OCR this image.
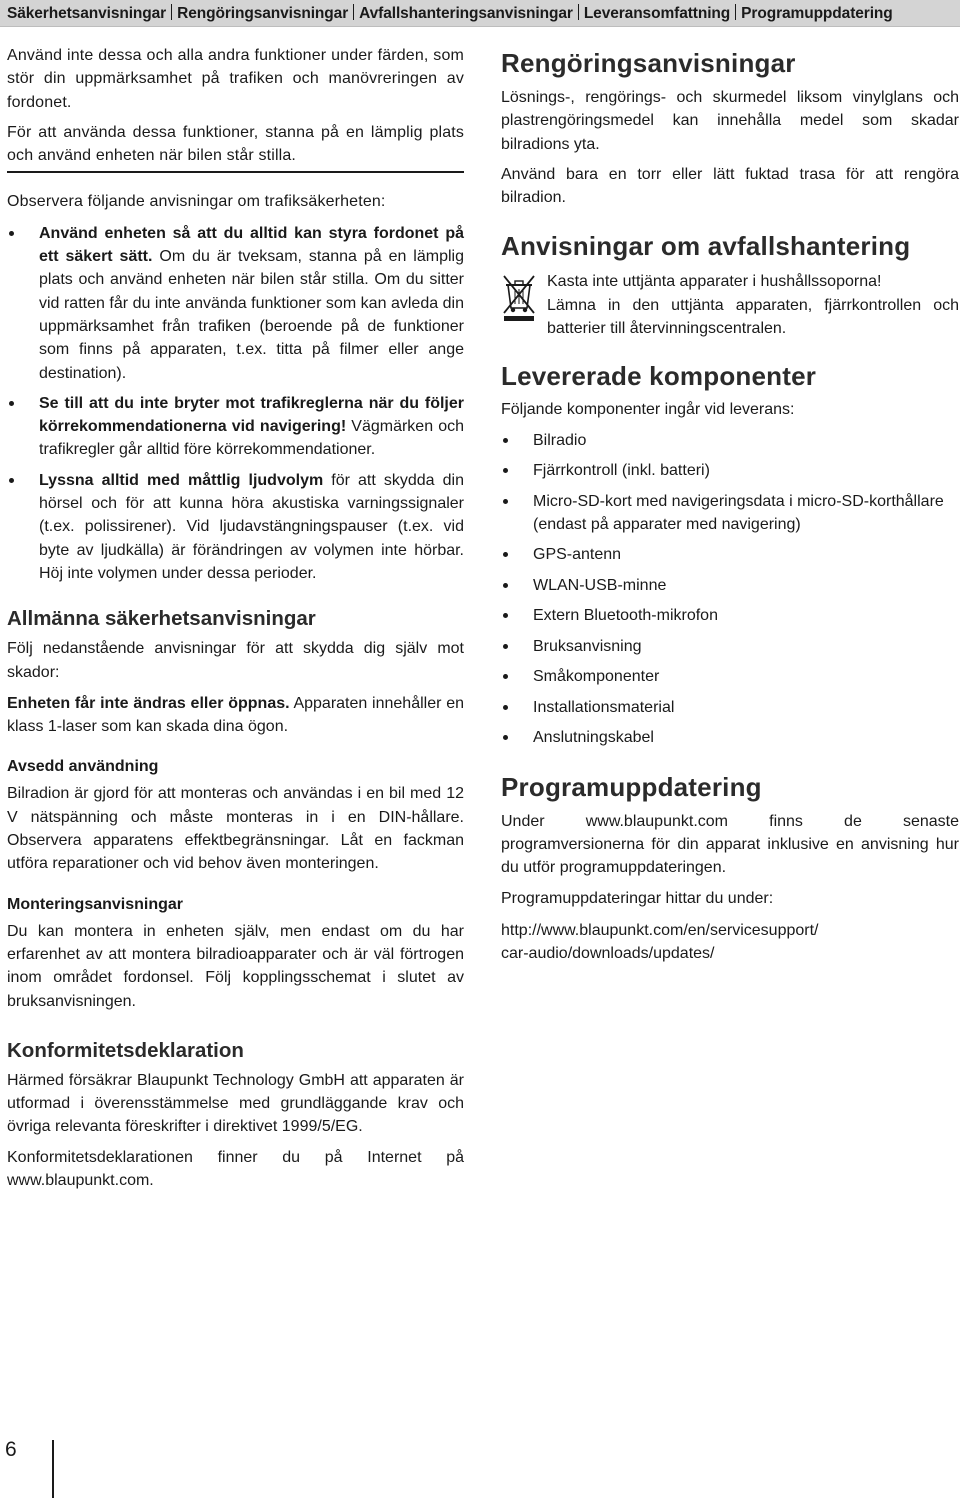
Säkerhetsanvisningar Rengöringsanvisningar Avfallshanteringsanvisningar Leveransomfattning Programuppdatering

Använd inte dessa och alla andra funktioner under färden, som stör din uppmärksamhet på trafiken och manövreringen av fordonet.

För att använda dessa funktioner, stanna på en lämplig plats och använd enheten när bilen står stilla.

Observera följande anvisningar om trafiksäkerheten:

Använd enheten så att du alltid kan styra fordonet på ett säkert sätt. Om du är tveksam, stanna på en lämplig plats och använd enheten när bilen står stilla. Om du sitter vid ratten får du inte använda funktioner som kan avleda din uppmärksamhet från trafiken (beroende på de funktioner som finns på apparaten, t.ex. titta på filmer eller ange destination).
Se till att du inte bryter mot trafikreglerna när du följer körrekommendationerna vid navigering! Vägmärken och trafikregler går alltid före körrekommendationer.
Lyssna alltid med måttlig ljudvolym för att skydda din hörsel och för att kunna höra akustiska varningssignaler (t.ex. polissirener). Vid ljudavstängningspauser (t.ex. vid byte av ljudkälla) är förändringen av volymen inte hörbar. Höj inte volymen under dessa perioder.
Allmänna säkerhetsanvisningar

Följ nedanstående anvisningar för att skydda dig själv mot skador:

Enheten får inte ändras eller öppnas. Apparaten innehåller en klass 1-laser som kan skada dina ögon.

Avsedd användning

Bilradion är gjord för att monteras och användas i en bil med 12 V nätspänning och måste monteras in i en DIN-hållare. Observera apparatens effektbegränsningar. Låt en fackman utföra reparationer och vid behov även monteringen.

Monteringsanvisningar

Du kan montera in enheten själv, men endast om du har erfarenhet av att montera bilradioapparater och är väl förtrogen inom området fordonsel. Följ kopplingsschemat i slutet av bruksanvisningen.

Konformitetsdeklaration

Härmed försäkrar Blaupunkt Technology GmbH att apparaten är utformad i överensstämmelse med grundläggande krav och övriga relevanta föreskrifter i direktivet 1999/5/EG.

Konformitetsdeklarationen finner du på Internet på www.blaupunkt.com.

Rengöringsanvisningar

Lösnings-, rengörings- och skurmedel liksom vinylglans och plastrengöringsmedel kan innehålla medel som skadar bilradions yta.

Använd bara en torr eller lätt fuktad trasa för att rengöra bilradion.

Anvisningar om avfallshantering

Kasta inte uttjänta apparater i hushållssoporna!

Lämna in den uttjänta apparaten, fjärrkontrollen och batterier till återvinningscentralen.

Levererade komponenter

Följande komponenter ingår vid leverans:

Bilradio
Fjärrkontroll (inkl. batteri)
Micro-SD-kort med navigeringsdata i micro-SD-korthållare (endast på apparater med navigering)
GPS-antenn
WLAN-USB-minne
Extern Bluetooth-mikrofon
Bruksanvisning
Småkomponenter
Installationsmaterial
Anslutningskabel
Programuppdatering

Under www.blaupunkt.com finns de senaste programversionerna för din apparat inklusive en anvisning hur du utför programuppdateringen.

Programuppdateringar hittar du under:

http://www.blaupunkt.com/en/servicesupport/
car-audio/downloads/updates/

6
